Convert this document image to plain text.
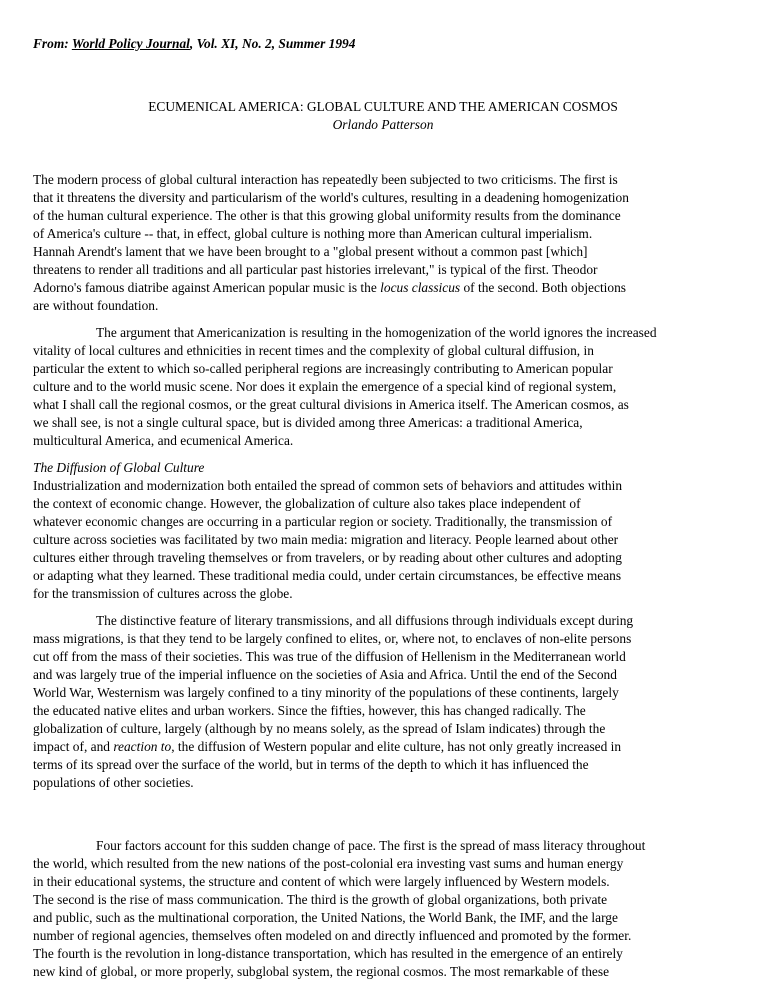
From: World Policy Journal, Vol. XI, No. 2, Summer 1994
ECUMENICAL AMERICA: GLOBAL CULTURE AND THE AMERICAN COSMOS
Orlando Patterson

The modern process of global cultural interaction has repeatedly been subjected to two criticisms. The first is
that it threatens the diversity and particularism of the world's cultures, resulting in a deadening homogenization
of the human cultural experience. The other is that this growing global uniformity results from the dominance
of America's culture -- that, in effect, global culture is nothing more than American cultural imperialism.
Hannah Arendt's lament that we have been brought to a "global present without a common past [which]
threatens to render all traditions and all particular past histories irrelevant," is typical of the first. Theodor
Adorno's famous diatribe against American popular music is the locus classicus of the second. Both objections
are without foundation.

The argument that Americanization is resulting in the homogenization of the world ignores the increased
vitality of local cultures and ethnicities in recent times and the complexity of global cultural diffusion, in
particular the extent to which so-called peripheral regions are increasingly contributing to American popular
culture and to the world music scene. Nor does it explain the emergence of a special kind of regional system,
what I shall call the regional cosmos, or the great cultural divisions in America itself. The American cosmos, as
we shall see, is not a single cultural space, but is divided among three Americas: a traditional America,
multicultural America, and ecumenical America.

The Diffusion of Global Culture

Industrialization and modernization both entailed the spread of common sets of behaviors and attitudes within
the context of economic change. However, the globalization of culture also takes place independent of
whatever economic changes are occurring in a particular region or society. Traditionally, the transmission of
culture across societies was facilitated by two main media: migration and literacy. People learned about other
cultures either through traveling themselves or from travelers, or by reading about other cultures and adopting
or adapting what they learned. These traditional media could, under certain circumstances, be effective means
for the transmission of cultures across the globe.

The distinctive feature of literary transmissions, and all diffusions through individuals except during
mass migrations, is that they tend to be largely confined to elites, or, where not, to enclaves of non-elite persons
cut off from the mass of their societies. This was true of the diffusion of Hellenism in the Mediterranean world
and was largely true of the imperial influence on the societies of Asia and Africa. Until the end of the Second
World War, Westernism was largely confined to a tiny minority of the populations of these continents, largely
the educated native elites and urban workers. Since the fifties, however, this has changed radically. The
globalization of culture, largely (although by no means solely, as the spread of Islam indicates) through the
impact of, and reaction to, the diffusion of Western popular and elite culture, has not only greatly increased in
terms of its spread over the surface of the world, but in terms of the depth to which it has influenced the
populations of other societies.

Four factors account for this sudden change of pace. The first is the spread of mass literacy throughout
the world, which resulted from the new nations of the post-colonial era investing vast sums and human energy
in their educational systems, the structure and content of which were largely influenced by Western models.
The second is the rise of mass communication. The third is the growth of global organizations, both private
and public, such as the multinational corporation, the United Nations, the World Bank, the IMF, and the large
number of regional agencies, themselves often modeled on and directly influenced and promoted by the former.
The fourth is the revolution in long-distance transportation, which has resulted in the emergence of an entirely
new kind of global, or more properly, subglobal system, the regional cosmos. The most remarkable of these
